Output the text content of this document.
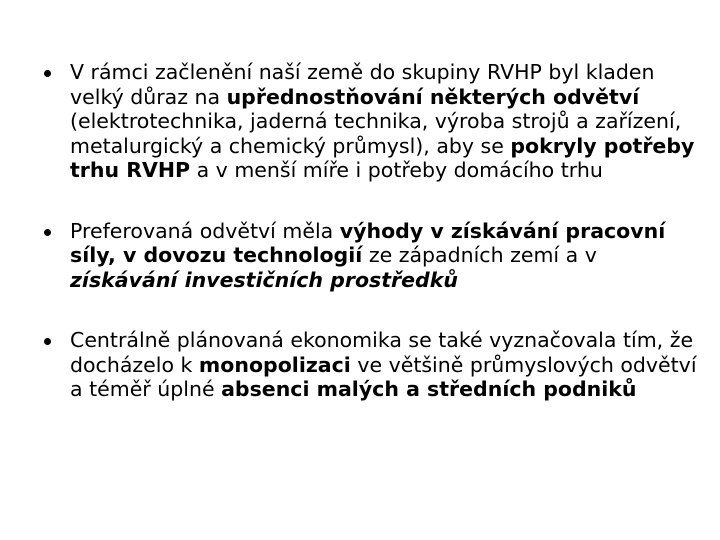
V rámci začlenění naší země do skupiny RVHP byl kladen velký důraz na upřednostňování některých odvětví (elektrotechnika, jaderná technika, výroba strojů a zařízení, metalurgický a chemický průmysl), aby se pokryly potřeby trhu RVHP a v menší míře i potřeby domácího trhu
Preferovaná odvětví měla výhody v získávání pracovní síly, v dovozu technologií ze západních zemí a v získávání investičních prostředků
Centrálně plánovaná ekonomika se také vyznačovala tím, že docházelo k monopolizaci ve většině průmyslových odvětví a téměř úplné absenci malých a středních podniků
